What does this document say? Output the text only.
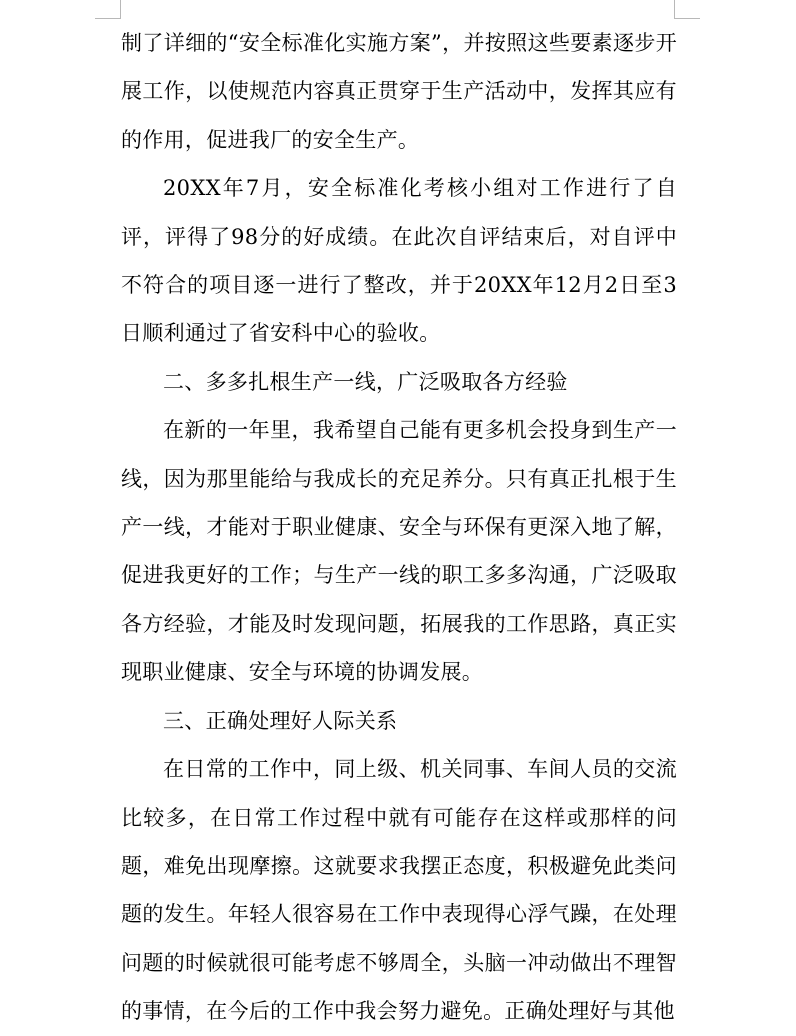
制了详细的“安全标准化实施方案”，并按照这些要素逐步开展工作，以使规范内容真正贯穿于生产活动中，发挥其应有的作用，促进我厂的安全生产。

20XX年7月，安全标准化考核小组对工作进行了自评，评得了98分的好成绩。在此次自评结束后，对自评中不符合的项目逐一进行了整改，并于20XX年12月2日至3日顺利通过了省安科中心的验收。

二、多多扎根生产一线，广泛吸取各方经验

在新的一年里，我希望自己能有更多机会投身到生产一线，因为那里能给与我成长的充足养分。只有真正扎根于生产一线，才能对于职业健康、安全与环保有更深入地了解，促进我更好的工作；与生产一线的职工多多沟通，广泛吸取各方经验，才能及时发现问题，拓展我的工作思路，真正实现职业健康、安全与环境的协调发展。

三、正确处理好人际关系

在日常的工作中，同上级、机关同事、车间人员的交流比较多，在日常工作过程中就有可能存在这样或那样的问题，难免出现摩擦。这就要求我摆正态度，积极避免此类问题的发生。年轻人很容易在工作中表现得心浮气躁，在处理问题的时候就很可能考虑不够周全，头脑一冲动做出不理智的事情，在今后的工作中我会努力避免。正确处理好与其他
